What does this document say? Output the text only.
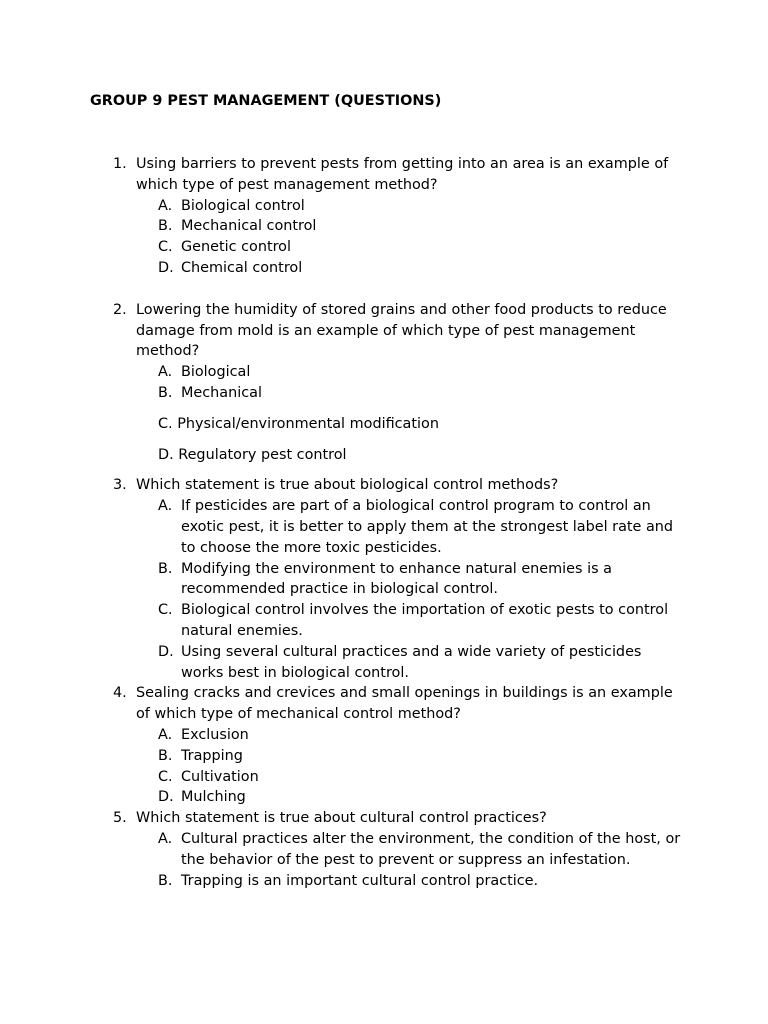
GROUP 9 PEST MANAGEMENT (QUESTIONS)
1. Using barriers to prevent pests from getting into an area is an example of which type of pest management method?
A. Biological control
B. Mechanical control
C. Genetic control
D. Chemical control
2. Lowering the humidity of stored grains and other food products to reduce damage from mold is an example of which type of pest management method?
A. Biological
B. Mechanical
C. Physical/environmental modification
D. Regulatory pest control
3. Which statement is true about biological control methods?
A. If pesticides are part of a biological control program to control an exotic pest, it is better to apply them at the strongest label rate and to choose the more toxic pesticides.
B. Modifying the environment to enhance natural enemies is a recommended practice in biological control.
C. Biological control involves the importation of exotic pests to control natural enemies.
D. Using several cultural practices and a wide variety of pesticides works best in biological control.
4. Sealing cracks and crevices and small openings in buildings is an example of which type of mechanical control method?
A. Exclusion
B. Trapping
C. Cultivation
D. Mulching
5. Which statement is true about cultural control practices?
A. Cultural practices alter the environment, the condition of the host, or the behavior of the pest to prevent or suppress an infestation.
B. Trapping is an important cultural control practice.
